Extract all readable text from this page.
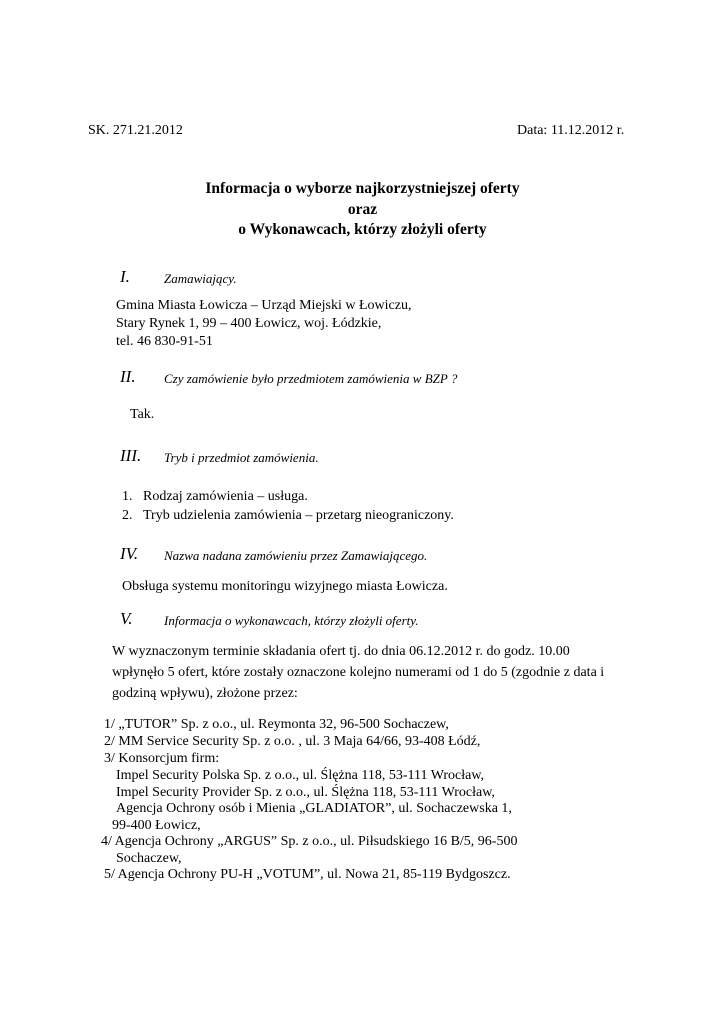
SK. 271.21.2012	Data: 11.12.2012 r.
Informacja o wyborze najkorzystniejszej oferty
oraz
o Wykonawcach, którzy złożyli oferty
I.	Zamawiający.
Gmina Miasta Łowicza – Urząd Miejski w Łowiczu,
Stary Rynek 1, 99 – 400 Łowicz, woj. Łódzkie,
tel. 46 830-91-51
II. Czy zamówienie było przedmiotem zamówienia w BZP ?
Tak.
III. Tryb i przedmiot zamówienia.
1. Rodzaj zamówienia – usługa.
2. Tryb udzielenia zamówienia – przetarg nieograniczony.
IV. Nazwa nadana zamówieniu przez Zamawiającego.
Obsługa systemu monitoringu wizyjnego miasta Łowicza.
V. Informacja o wykonawcach, którzy złożyli oferty.
W wyznaczonym terminie składania ofert tj. do dnia 06.12.2012 r. do godz. 10.00
wpłynęło 5 ofert, które zostały oznaczone kolejno numerami od 1 do 5 (zgodnie z data i
godziną wpływu), złożone przez:
1/ „TUTOR” Sp. z o.o., ul. Reymonta 32, 96-500 Sochaczew,
2/ MM Service Security Sp. z o.o. , ul. 3 Maja 64/66, 93-408 Łódź,
3/ Konsorcjum firm:
Impel Security Polska Sp. z o.o., ul. Ślężna 118, 53-111 Wrocław,
Impel Security Provider Sp. z o.o., ul. Ślężna 118, 53-111 Wrocław,
Agencja Ochrony osób i Mienia „GLADIATOR”, ul. Sochaczewska 1,
99-400 Łowicz,
4/ Agencja Ochrony „ARGUS” Sp. z o.o., ul. Piłsudskiego 16 B/5, 96-500
Sochaczew,
5/ Agencja Ochrony PU-H „VOTUM”, ul. Nowa 21, 85-119 Bydgoszcz.
